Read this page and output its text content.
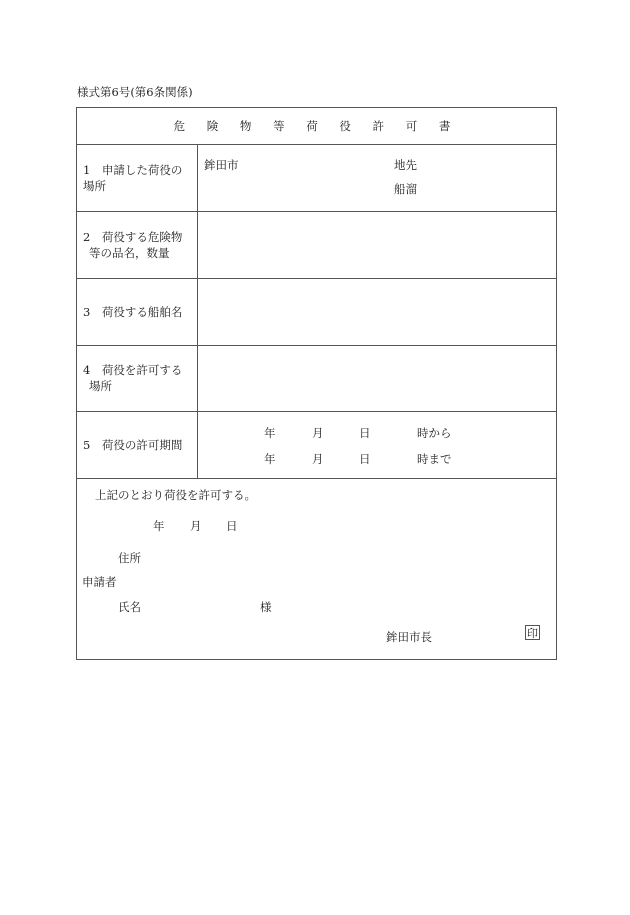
様式第6号(第6条関係)
危 険 物 等 荷 役 許 可 書
1　申請した荷役の
場所
鉾田市	地先
船溜
2　荷役する危険物
等の品名，数量
3　荷役する船舶名
4　荷役を許可する
場所
5　荷役の許可期間
年	月	日	時から
年	月	日	時まで
上記のとおり荷役を許可する。
年 月 日
住所
申請者
氏名	様
鉾田市長	印
